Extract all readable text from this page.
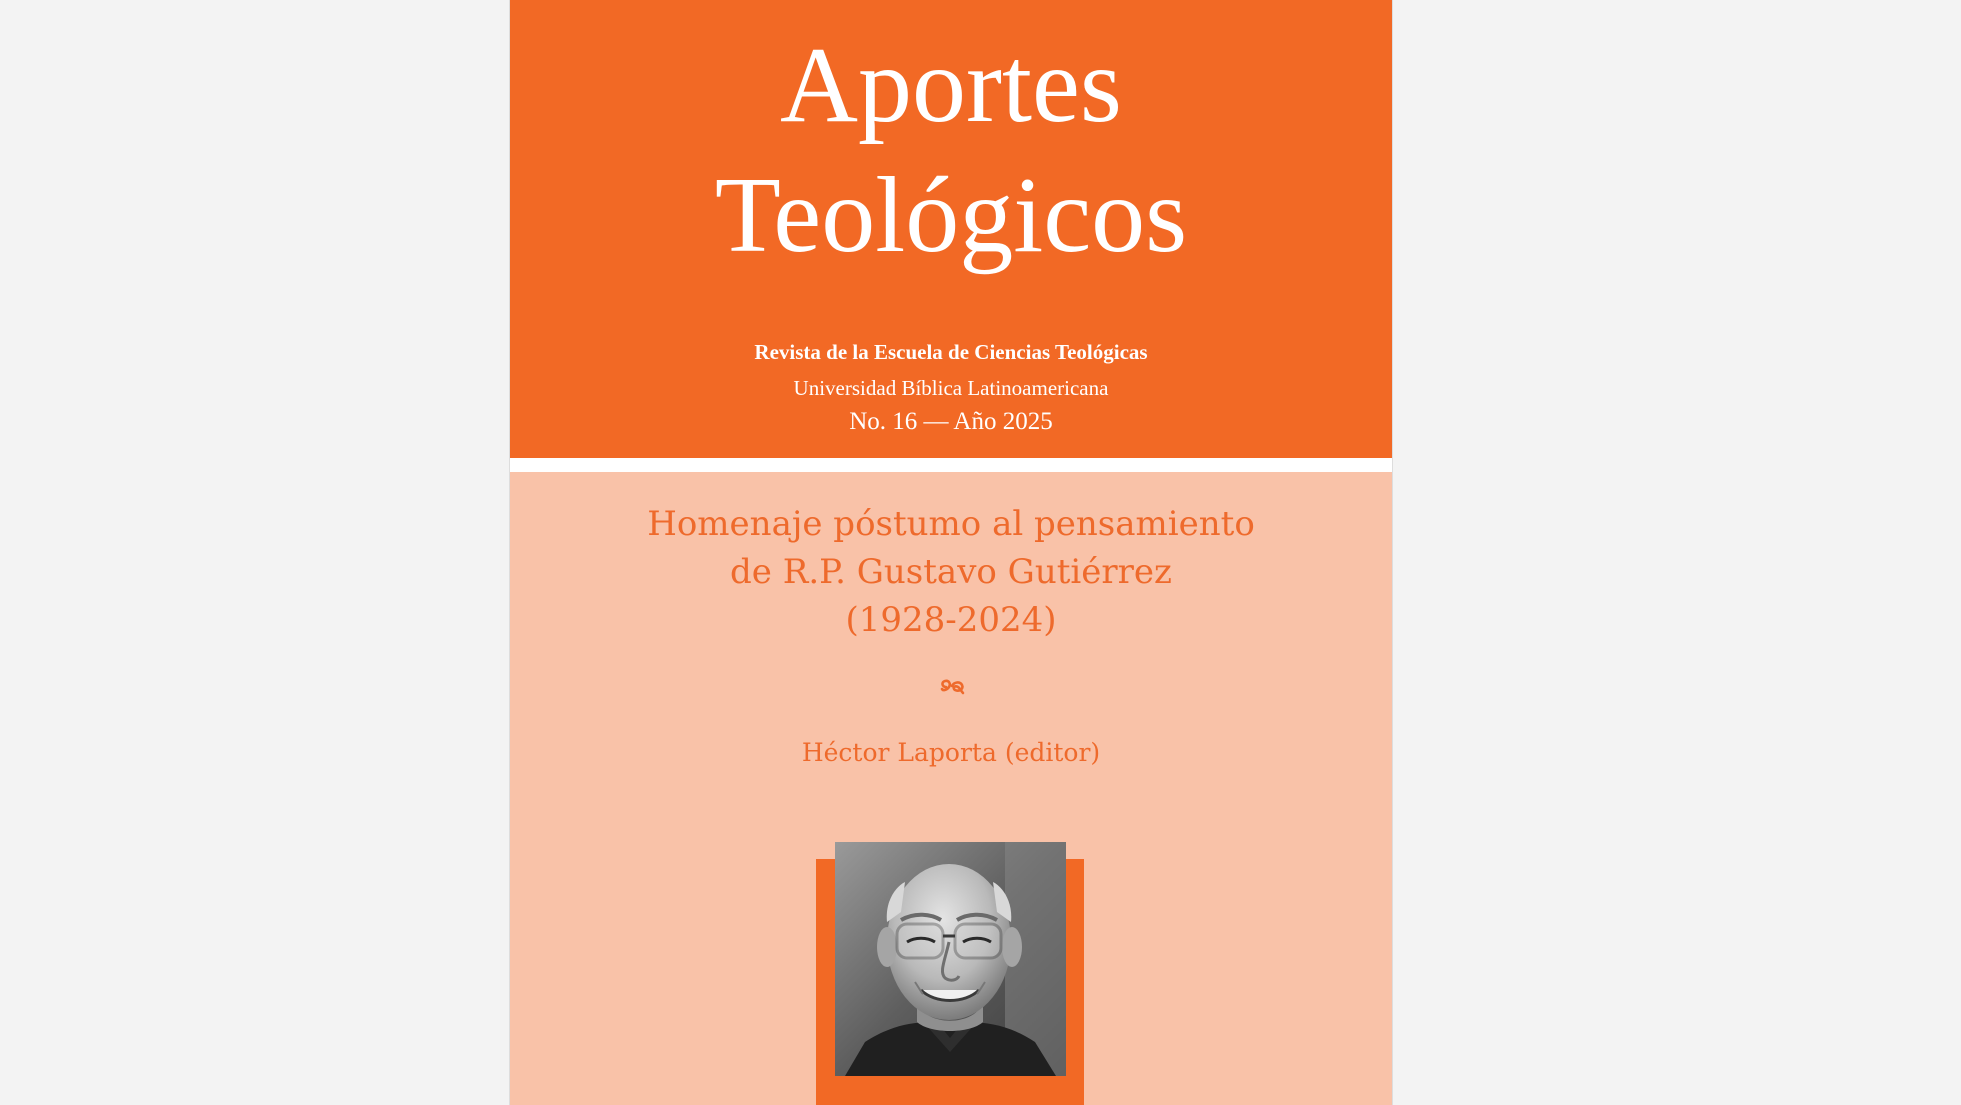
Aportes
Teológicos
Revista de la Escuela de Ciencias Teológicas
Universidad Bíblica Latinoamericana
No. 16 — Año 2025
Homenaje póstumo al pensamiento
de R.P. Gustavo Gutiérrez
(1928-2024)
Héctor Laporta (editor)
